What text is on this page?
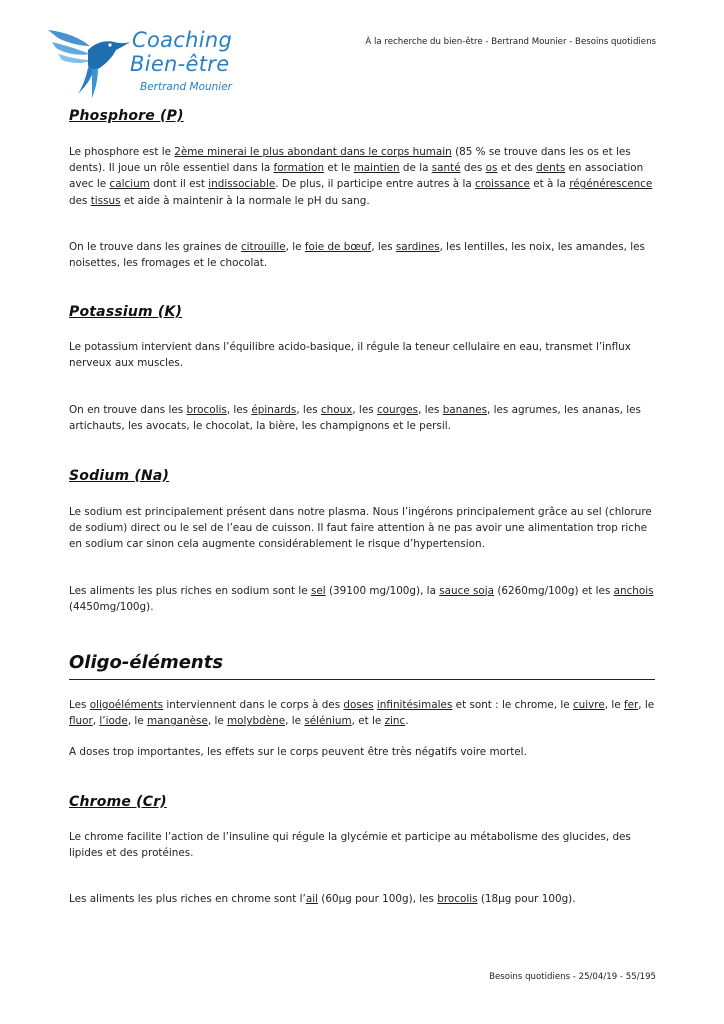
Coaching
Bien-être
Bertrand Mounier
À la recherche du bien-être - Bertrand Mounier - Besoins quotidiens
Phosphore (P)

Le phosphore est le 2ème minerai le plus abondant dans le corps humain (85 % se trouve dans les os et les dents). Il joue un rôle essentiel dans la formation et le maintien de la santé des os et des dents en association avec le calcium dont il est indissociable. De plus, il participe entre autres à la croissance et à la régénérescence des tissus et aide à maintenir à la normale le pH du sang.

On le trouve dans les graines de citrouille, le foie de bœuf, les sardines, les lentilles, les noix, les amandes, les noisettes, les fromages et le chocolat.

Potassium (K)

Le potassium intervient dans l’équilibre acido-basique, il régule la teneur cellulaire en eau, transmet l’influx nerveux aux muscles.

On en trouve dans les brocolis, les épinards, les choux, les courges, les bananes, les agrumes, les ananas, les artichauts, les avocats, le chocolat, la bière, les champignons et le persil.

Sodium (Na)

Le sodium est principalement présent dans notre plasma. Nous l’ingérons principalement grâce au sel (chlorure de sodium) direct ou le sel de l’eau de cuisson. Il faut faire attention à ne pas avoir une alimentation trop riche en sodium car sinon cela augmente considérablement le risque d’hypertension.

Les aliments les plus riches en sodium sont le sel (39100 mg/100g), la sauce soja (6260mg/100g) et les anchois (4450mg/100g).

Oligo-éléments

Les oligoéléments interviennent dans le corps à des doses infinitésimales et sont : le chrome, le cuivre, le fer, le fluor, l’iode, le manganèse, le molybdène, le sélénium, et le zinc.

A doses trop importantes, les effets sur le corps peuvent être très négatifs voire mortel.

Chrome (Cr)

Le chrome facilite l’action de l’insuline qui régule la glycémie et participe au métabolisme des glucides, des lipides et des protéines.

Les aliments les plus riches en chrome sont l’ail (60µg pour 100g), les brocolis (18µg pour 100g).

Besoins quotidiens - 25/04/19 - 55/195
